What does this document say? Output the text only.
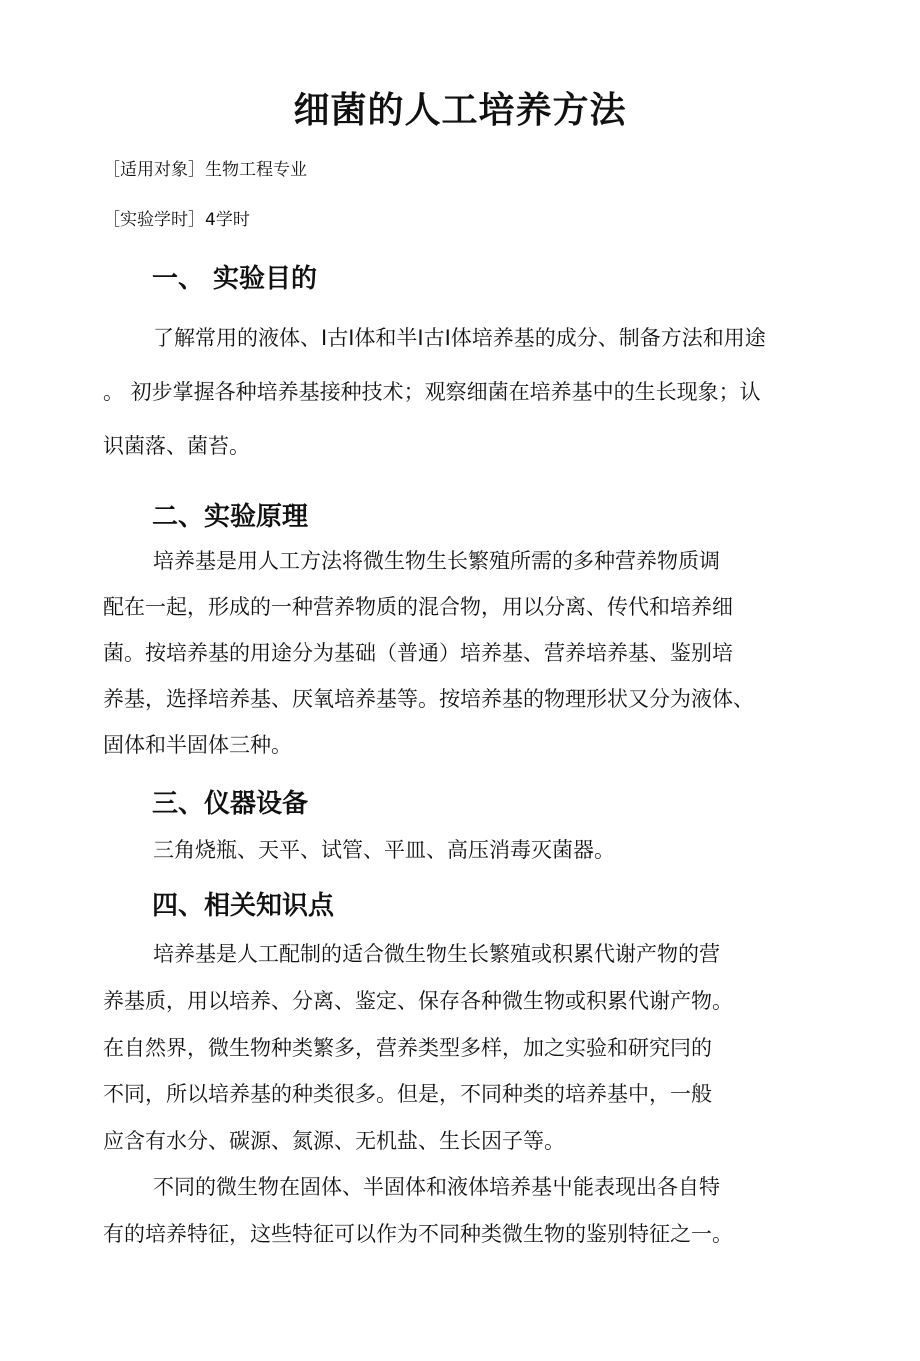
细菌的人工培养方法

［适用对象］生物工程专业

［实验学时］4学时

一、 实验目的

了解常用的液体、I古I体和半I古I体培养基的成分、制备方法和用途

。 初步掌握各种培养基接种技术；观察细菌在培养基中的生长现象；认

识菌落、菌苔。

二、实验原理

培养基是用人工方法将微生物生长繁殖所需的多种营养物质调

配在一起，形成的一种营养物质的混合物，用以分离、传代和培养细

菌。按培养基的用途分为基础（普通）培养基、营养培养基、鉴别培

养基，选择培养基、厌氧培养基等。按培养基的物理形状又分为液体、

固体和半固体三种。

三、仪器设备

三角烧瓶、天平、试管、平皿、高压消毒灭菌器。

四、相关知识点

培养基是人工配制的适合微生物生长繁殖或积累代谢产物的营

养基质，用以培养、分离、鉴定、保存各种微生物或积累代谢产物。

在自然界，微生物种类繁多，营养类型多样，加之实验和研究冃的

不同，所以培养基的种类很多。但是，不同种类的培养基中，一般

应含有水分、碳源、氮源、无机盐、生长因子等。

不同的微生物在固体、半固体和液体培养基屮能表现出各自特

有的培养特征，这些特征可以作为不同种类微生物的鉴别特征之一。
